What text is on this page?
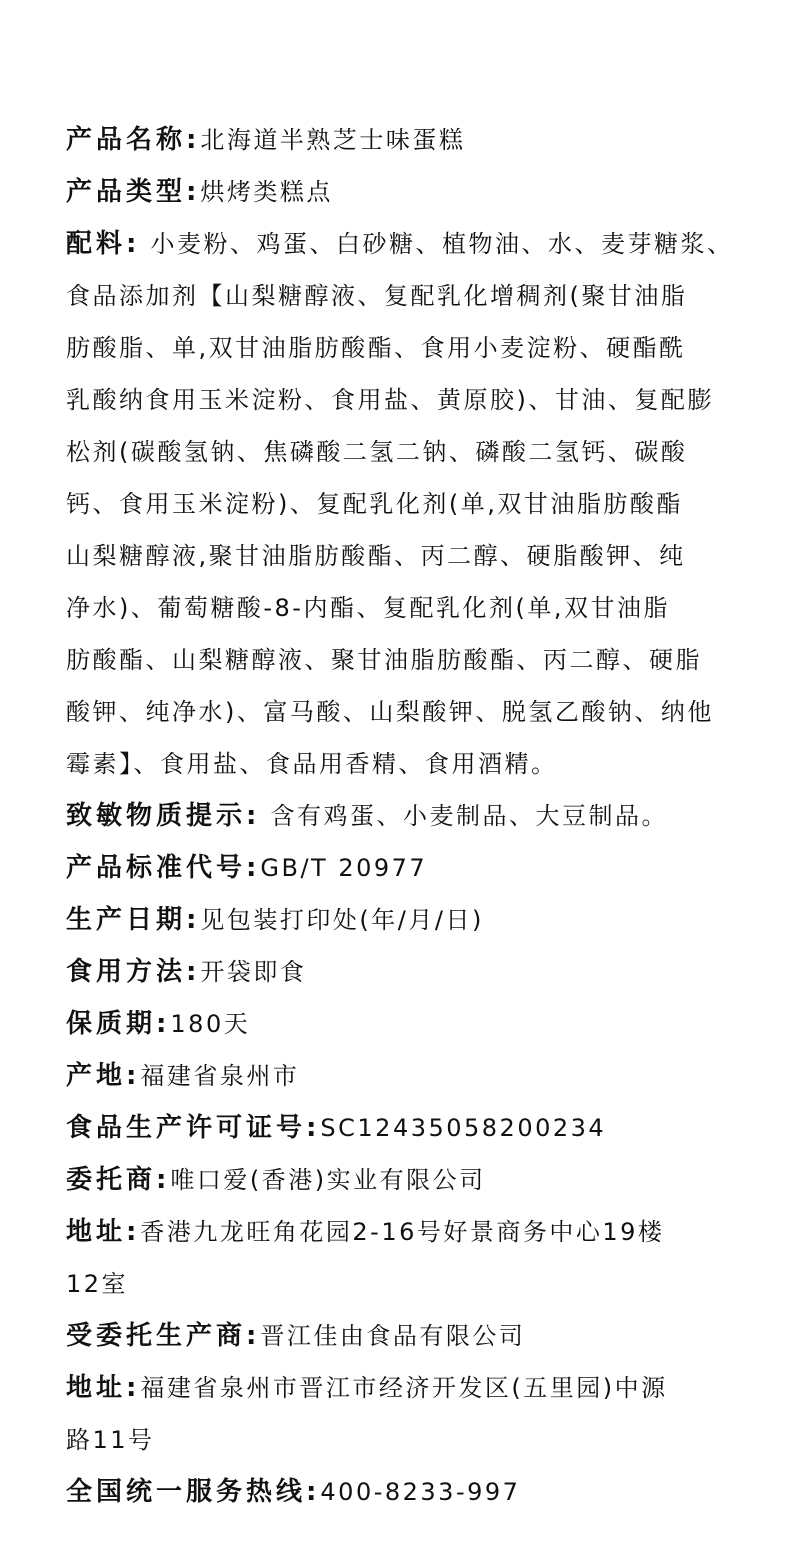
产品名称:北海道半熟芝士味蛋糕
产品类型:烘烤类糕点
配料: 小麦粉、鸡蛋、白砂糖、植物油、水、麦芽糖浆、
食品添加剂【山梨糖醇液、复配乳化增稠剂(聚甘油脂
肪酸脂、单,双甘油脂肪酸酯、食用小麦淀粉、硬酯酰
乳酸纳食用玉米淀粉、食用盐、黄原胶)、甘油、复配膨
松剂(碳酸氢钠、焦磷酸二氢二钠、磷酸二氢钙、碳酸
钙、食用玉米淀粉)、复配乳化剂(单,双甘油脂肪酸酯
山梨糖醇液,聚甘油脂肪酸酯、丙二醇、硬脂酸钾、纯
净水)、葡萄糖酸-8-内酯、复配乳化剂(单,双甘油脂
肪酸酯、山梨糖醇液、聚甘油脂肪酸酯、丙二醇、硬脂
酸钾、纯净水)、富马酸、山梨酸钾、脱氢乙酸钠、纳他
霉素】、食用盐、食品用香精、食用酒精。
致敏物质提示: 含有鸡蛋、小麦制品、大豆制品。
产品标准代号:GB/T 20977
生产日期:见包装打印处(年/月/日)
食用方法:开袋即食
保质期:180天
产地:福建省泉州市
食品生产许可证号:SC12435058200234
委托商:唯口爱(香港)实业有限公司
地址:香港九龙旺角花园2-16号好景商务中心19楼
12室
受委托生产商:晋江佳由食品有限公司
地址:福建省泉州市晋江市经济开发区(五里园)中源
路11号
全国统一服务热线:400-8233-997
